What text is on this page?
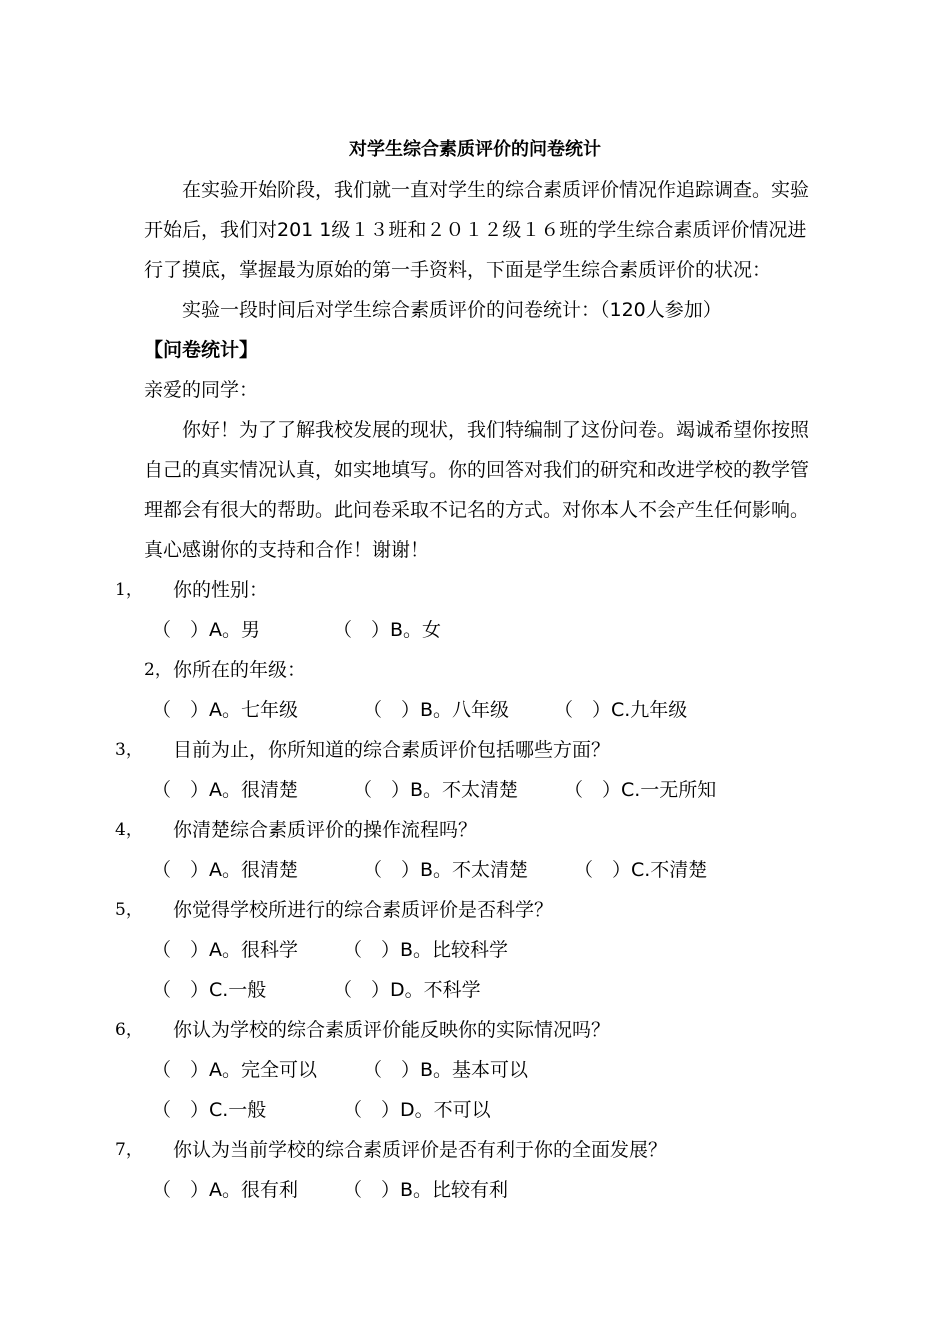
对学生综合素质评价的问卷统计
在实验开始阶段，我们就一直对学生的综合素质评价情况作追踪调查。实验
开始后，我们对201 1级１３班和２０１２级１６班的学生综合素质评价情况进
行了摸底，掌握最为原始的第一手资料，下面是学生综合素质评价的状况：
实验一段时间后对学生综合素质评价的问卷统计：（120人参加）
【问卷统计】
亲爱的同学：
你好！为了了解我校发展的现状，我们特编制了这份问卷。竭诚希望你按照
自己的真实情况认真，如实地填写。你的回答对我们的研究和改进学校的教学管
理都会有很大的帮助。此问卷采取不记名的方式。对你本人不会产生任何影响。
真心感谢你的支持和合作！谢谢！
1， 你的性别：
（　）A。男	（　）B。女
2， 你所在的年级：
（　）A。七年级	（　）B。八年级 （　）C.九年级
3， 目前为止，你所知道的综合素质评价包括哪些方面？
（　）A。很清楚	（　）B。不太清楚 （　）C.一无所知
4， 你清楚综合素质评价的操作流程吗？
（　）A。很清楚	（　）B。不太清楚 （　）C.不清楚
5， 你觉得学校所进行的综合素质评价是否科学？
（　）A。很科学 （　）B。比较科学
（　）C.一般	（　）D。不科学
6， 你认为学校的综合素质评价能反映你的实际情况吗？
（　）A。完全可以 （　）B。基本可以
（　）C.一般	（　）D。不可以
7， 你认为当前学校的综合素质评价是否有利于你的全面发展？
（　）A。很有利 （　）B。比较有利
